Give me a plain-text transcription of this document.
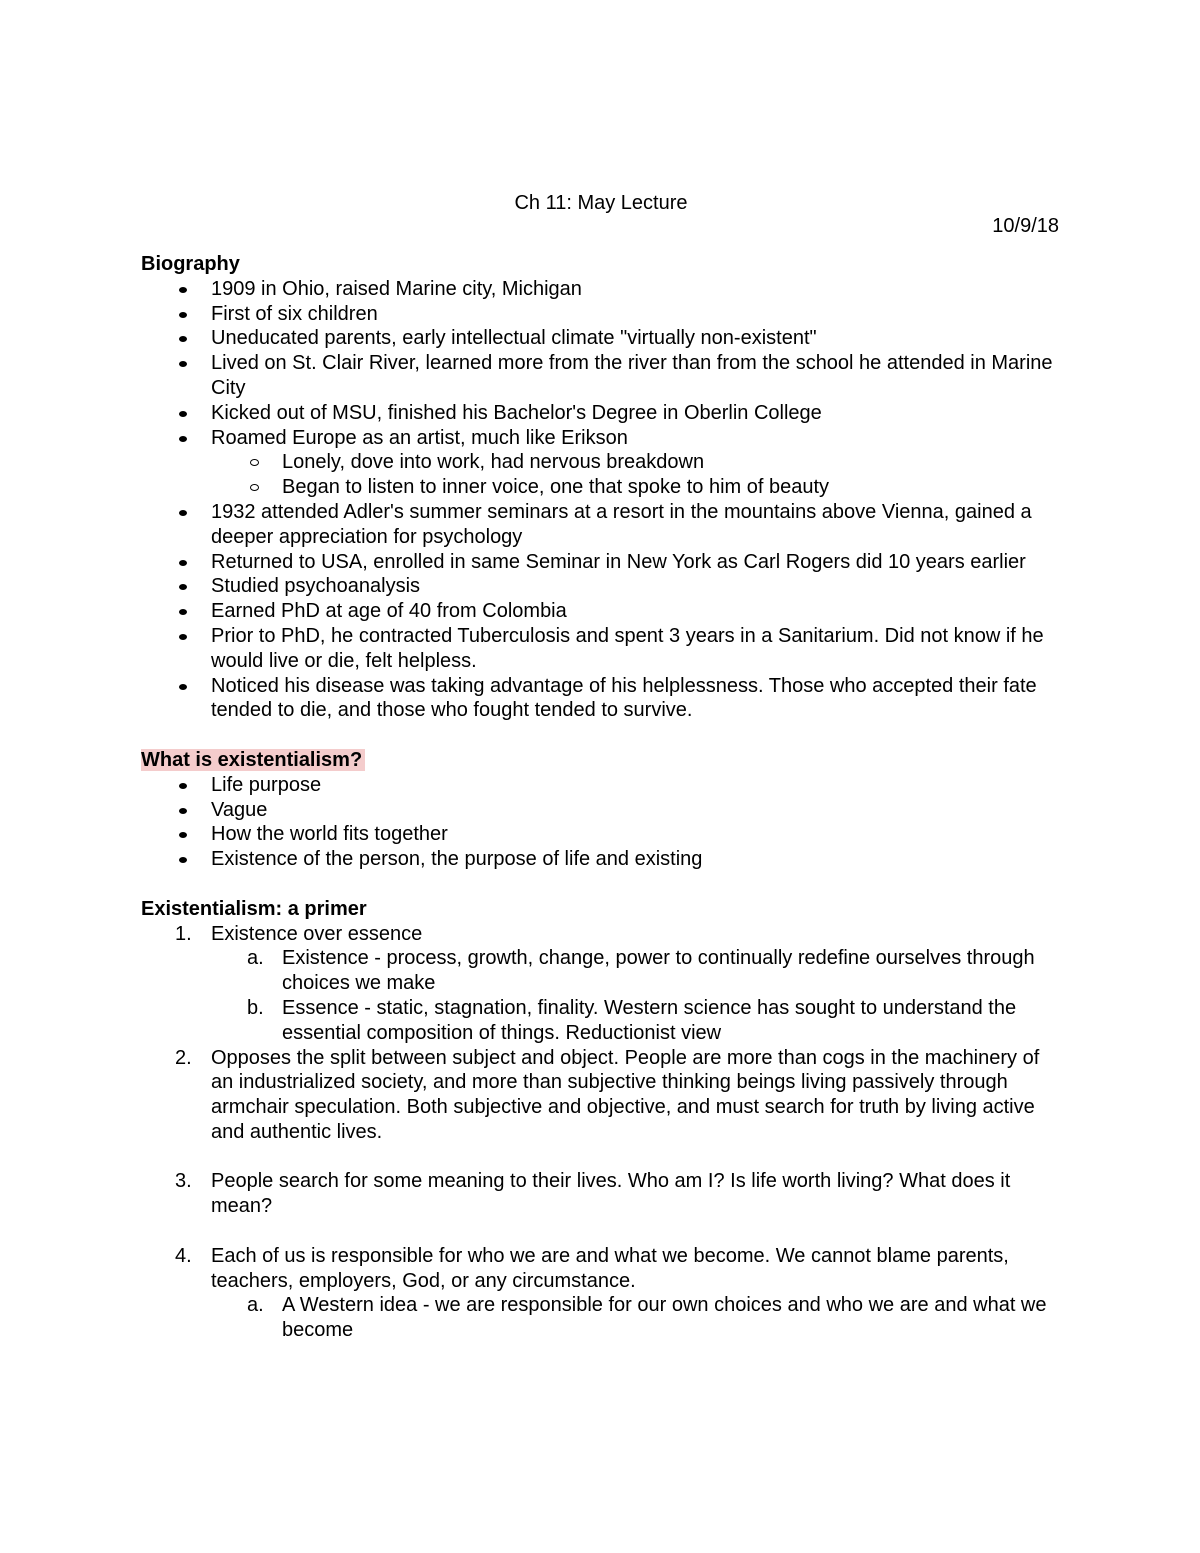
Ch 11: May Lecture
10/9/18
Biography
1909 in Ohio, raised Marine city, Michigan
First of six children
Uneducated parents, early intellectual climate "virtually non-existent"
Lived on St. Clair River, learned more from the river than from the school he attended in Marine City
Kicked out of MSU, finished his Bachelor's Degree in Oberlin College
Roamed Europe as an artist, much like Erikson
Lonely, dove into work, had nervous breakdown
Began to listen to inner voice, one that spoke to him of beauty
1932 attended Adler's summer seminars at a resort in the mountains above Vienna, gained a deeper appreciation for psychology
Returned to USA, enrolled in same Seminar in New York as Carl Rogers did 10 years earlier
Studied psychoanalysis
Earned PhD at age of 40 from Colombia
Prior to PhD, he contracted Tuberculosis and spent 3 years in a Sanitarium. Did not know if he would live or die, felt helpless.
Noticed his disease was taking advantage of his helplessness. Those who accepted their fate tended to die, and those who fought tended to survive.
What is existentialism?
Life purpose
Vague
How the world fits together
Existence of the person, the purpose of life and existing
Existentialism: a primer
1. Existence over essence
a. Existence - process, growth, change, power to continually redefine ourselves through choices we make
b. Essence - static, stagnation, finality. Western science has sought to understand the essential composition of things. Reductionist view
2. Opposes the split between subject and object. People are more than cogs in the machinery of an industrialized society, and more than subjective thinking beings living passively through armchair speculation. Both subjective and objective, and must search for truth by living active and authentic lives.
3. People search for some meaning to their lives. Who am I? Is life worth living? What does it mean?
4. Each of us is responsible for who we are and what we become. We cannot blame parents, teachers, employers, God, or any circumstance.
a. A Western idea - we are responsible for our own choices and who we are and what we become
